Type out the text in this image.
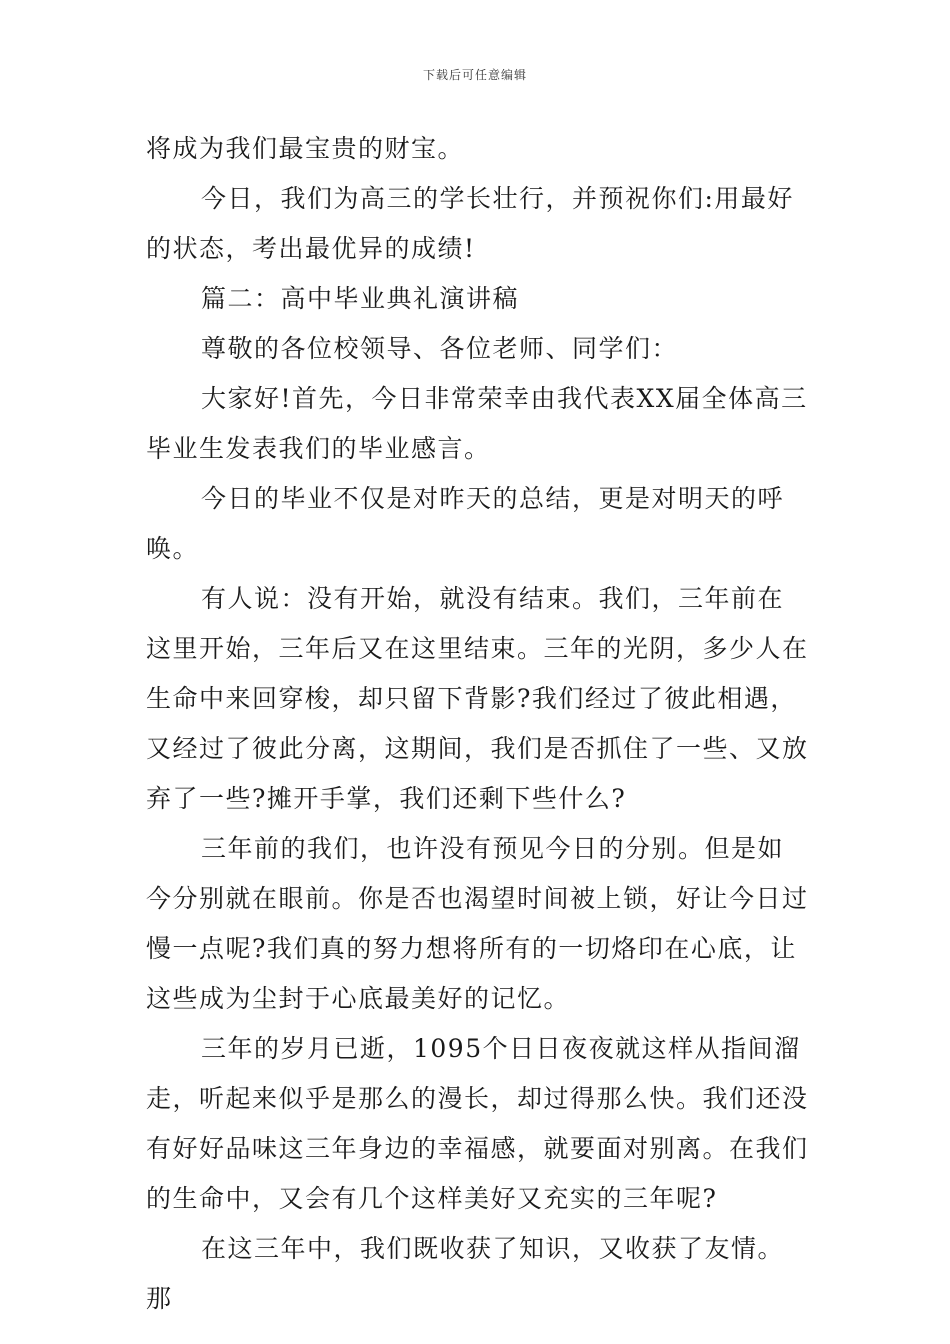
下载后可任意编辑

将成为我们最宝贵的财宝。

今日，我们为高三的学长壮行，并预祝你们:用最好的状态，考出最优异的成绩!

篇二：高中毕业典礼演讲稿

尊敬的各位校领导、各位老师、同学们：

大家好!首先，今日非常荣幸由我代表XX届全体高三毕业生发表我们的毕业感言。

今日的毕业不仅是对昨天的总结，更是对明天的呼唤。

有人说：没有开始，就没有结束。我们，三年前在这里开始，三年后又在这里结束。三年的光阴，多少人在生命中来回穿梭，却只留下背影?我们经过了彼此相遇，又经过了彼此分离，这期间，我们是否抓住了一些、又放弃了一些?摊开手掌，我们还剩下些什么?

三年前的我们，也许没有预见今日的分别。但是如今分别就在眼前。你是否也渴望时间被上锁，好让今日过慢一点呢?我们真的努力想将所有的一切烙印在心底，让这些成为尘封于心底最美好的记忆。

三年的岁月已逝，1095个日日夜夜就这样从指间溜走，听起来似乎是那么的漫长，却过得那么快。我们还没有好好品味这三年身边的幸福感，就要面对别离。在我们的生命中，又会有几个这样美好又充实的三年呢?

在这三年中，我们既收获了知识，又收获了友情。那
